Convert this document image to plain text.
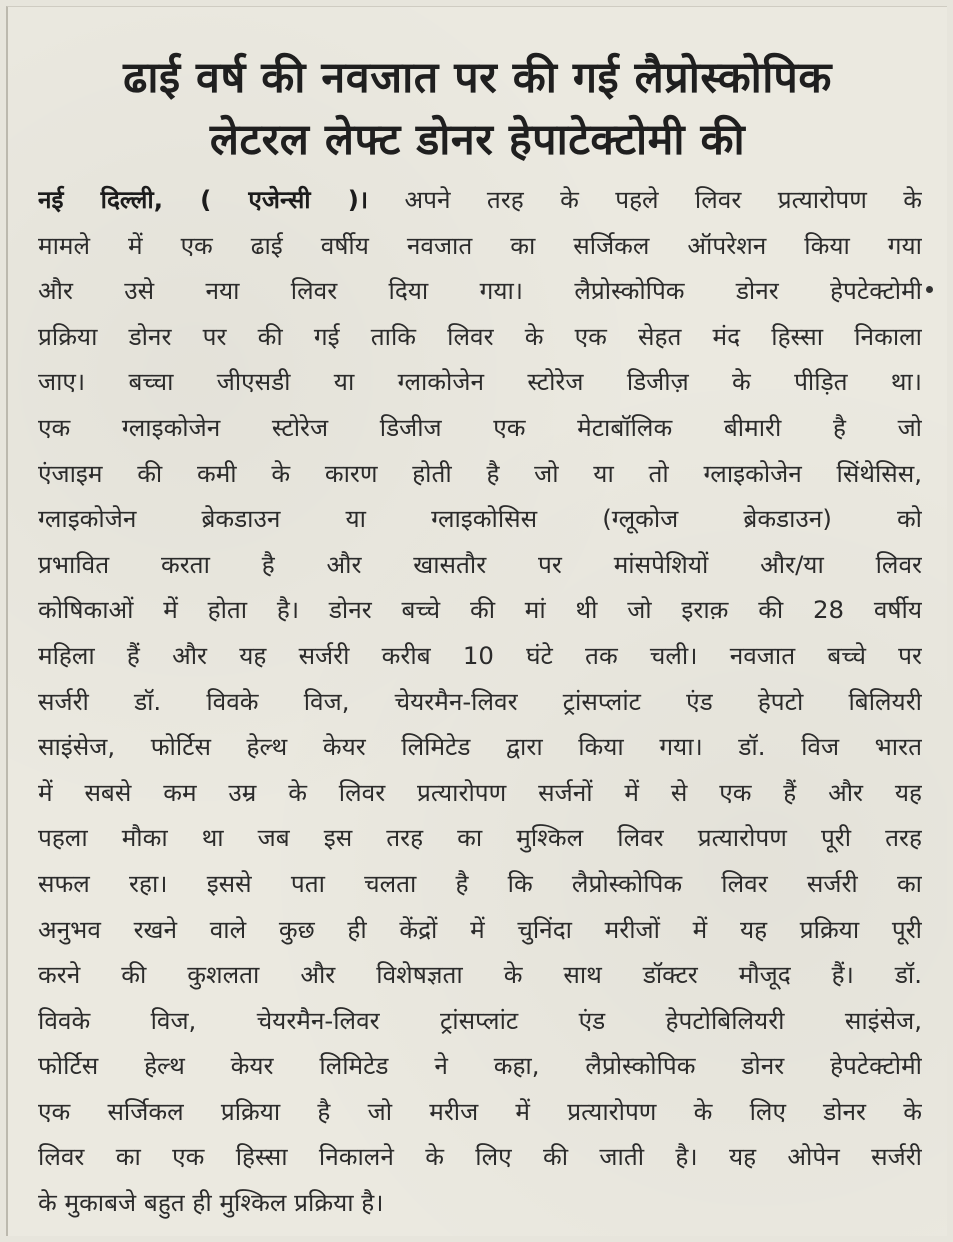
ढाई वर्ष की नवजात पर की गई लैप्रोस्कोपिक
लेटरल लेफ्ट डोनर हेपाटेक्टोमी की
नई दिल्ली, ( एजेन्सी )। अपने तरह के पहले लिवर प्रत्यारोपण के
मामले में एक ढाई वर्षीय नवजात का सर्जिकल ऑपरेशन किया गया
और उसे नया लिवर दिया गया। लैप्रोस्कोपिक डोनर हेपटेक्टोमी
प्रक्रिया डोनर पर की गई ताकि लिवर के एक सेहत मंद हिस्सा निकाला
जाए। बच्चा जीएसडी या ग्लाकोजेन स्टोरेज डिजीज़ के पीड़ित था।
एक ग्लाइकोजेन स्टोरेज डिजीज एक मेटाबॉलिक बीमारी है जो
एंजाइम की कमी के कारण होती है जो या तो ग्लाइकोजेन सिंथेसिस,
ग्लाइकोजेन ब्रेकडाउन या ग्लाइकोसिस (ग्लूकोज ब्रेकडाउन) को
प्रभावित करता है और खासतौर पर मांसपेशियों और/या लिवर
कोषिकाओं में होता है। डोनर बच्चे की मां थी जो इराक़ की 28 वर्षीय
महिला हैं और यह सर्जरी करीब 10 घंटे तक चली। नवजात बच्चे पर
सर्जरी डॉ. विवके विज, चेयरमैन-लिवर ट्रांसप्लांट एंड हेपटो बिलियरी
साइंसेज, फोर्टिस हेल्थ केयर लिमिटेड द्वारा किया गया। डॉ. विज भारत
में सबसे कम उम्र के लिवर प्रत्यारोपण सर्जनों में से एक हैं और यह
पहला मौका था जब इस तरह का मुश्किल लिवर प्रत्यारोपण पूरी तरह
सफल रहा। इससे पता चलता है कि लैप्रोस्कोपिक लिवर सर्जरी का
अनुभव रखने वाले कुछ ही केंद्रों में चुनिंदा मरीजों में यह प्रक्रिया पूरी
करने की कुशलता और विशेषज्ञता के साथ डॉक्टर मौजूद हैं। डॉ.
विवके विज, चेयरमैन-लिवर ट्रांसप्लांट एंड हेपटोबिलियरी साइंसेज,
फोर्टिस हेल्थ केयर लिमिटेड ने कहा, लैप्रोस्कोपिक डोनर हेपटेक्टोमी
एक सर्जिकल प्रक्रिया है जो मरीज में प्रत्यारोपण के लिए डोनर के
लिवर का एक हिस्सा निकालने के लिए की जाती है। यह ओपेन सर्जरी
के मुकाबजे बहुत ही मुश्किल प्रक्रिया है।
